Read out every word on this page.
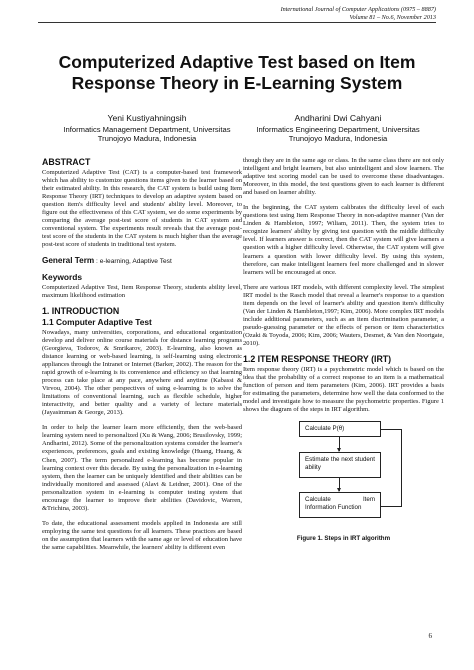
International Journal of Computer Applications (0975 – 8887)
Volume 81 – No.6, November 2013
Computerized Adaptive Test based on Item Response Theory in E-Learning System
Yeni Kustiyahningsih
Informatics Management Department, Universitas
Trunojoyo Madura, Indonesia
Andharini Dwi Cahyani
Informatics Engineering Department, Universitas
Trunojoyo Madura, Indonesia
ABSTRACT

Computerized Adaptive Test (CAT) is a computer-based test framework which has ability to customize questions items given to the learner based on their estimated ability. In this research, the CAT system is build using Item Response Theory (IRT) techniques to develop an adaptive system based on question item's difficulty level and students' ability level. Moreover, to figure out the effectiveness of this CAT system, we do some experiments by comparing the average post-test score of students in CAT system and conventional system. The experiments result reveals that the average post-test score of the students in the CAT system is much higher than the average post-test score of students in traditional test system.

General Term : e-learning, Adaptive Test
Keywords

Computerized Adaptive Test, Item Response Theory, students ability level, maximum likelihood estimation

1. INTRODUCTION
1.1 Computer Adaptive Test

Nowadays, many universities, corporations, and educational organization develop and deliver online course materials for distance learning programs (Georgieva, Todorov, & Smrikarov, 2003). E-learning, also known as distance learning or web-based learning, is self-learning using electronic appliances through the Intranet or Internet (Barker, 2002). The reason for the rapid growth of e-learning is its convenience and efficiency so that learning process can take place at any pace, anywhere and anytime (Kabassi & Virvou, 2004). The other perspectives of using e-learning is to solve the limitations of conventional learning, such as flexible schedule, higher interactivity, and better quality and a variety of lecture materials (Jayasimman & George, 2013).

In order to help the learner learn more efficiently, then the web-based learning system need to personalized (Xu & Wang, 2006; Brusilovsky, 1999; Andharini, 2012). Some of the personalization systems consider the learner's experiences, preferences, goals and existing knowledge (Huang, Huang, & Chen, 2007). The term personalized e-learning has become popular in learning context over this decade. By using the personalization in e-learning system, then the learner can be uniquely identified and their abilities can be individually monitored and assessed (Alavi & Leidner, 2001). One of the personalization system in e-learning is computer testing system that encourage the learner to improve their abilities (Davidovic, Warren, &Trichina, 2003).

To date, the educational assessment models applied in Indonesia are still employing the same test questions for all learners. These practices are based on the assumption that learners with the same age or level of education have the same capabilities. Meanwhile, the learners' ability is different even

though they are in the same age or class. In the same class there are not only intelligent and bright learners, but also unintelligent and slow learners. The adaptive test scoring model can be used to overcome these disadvantages. Moreover, in this model, the test questions given to each learner is different and based on learner ability.

In the beginning, the CAT system calibrates the difficulty level of each questions test using Item Response Theory in non-adaptive manner (Van der Linden & Hambleton, 1997; Wiliam, 2011). Then, the system tries to recognize learners' ability by giving test question with the middle difficulty level. If learners answer is correct, then the CAT system will give learners a question with a higher difficulty level. Otherwise, the CAT system will give learners a question with lower difficulty level. By using this system, therefore, can make intelligent learners feel more challenged and in slower learners will be encouraged at once.

There are various IRT models, with different complexity level. The simplest IRT model is the Rasch model that reveal a learner's response to a question item depends on the level of learner's ability and question item's difficulty (Van der Linden & Hambleton,1997; Kim, 2006). More complex IRT models include additional parameters, such as an item discrimination parameter, a pseudo-guessing parameter or the effects of person or item characteristics (Ozaki & Toyoda, 2006; Kim, 2006; Wauters, Desmet, & Van den Noortgate, 2010).

1.2 ITEM RESPONSE THEORY (IRT)

Item response theory (IRT) is a psychometric model which is based on the idea that the probability of a correct response to an item is a mathematical function of person and item parameters (Kim, 2006). IRT provides a basis for estimating the parameters, determine how well the data conformed to the model and investigate how to measure the psychometric properties. Figure 1 shows the diagram of the steps in IRT algorithm.

Calculate P(θ)
Estimate the next student ability
Calculate Item Information Function
Figure 1. Steps in IRT algorithm
6
